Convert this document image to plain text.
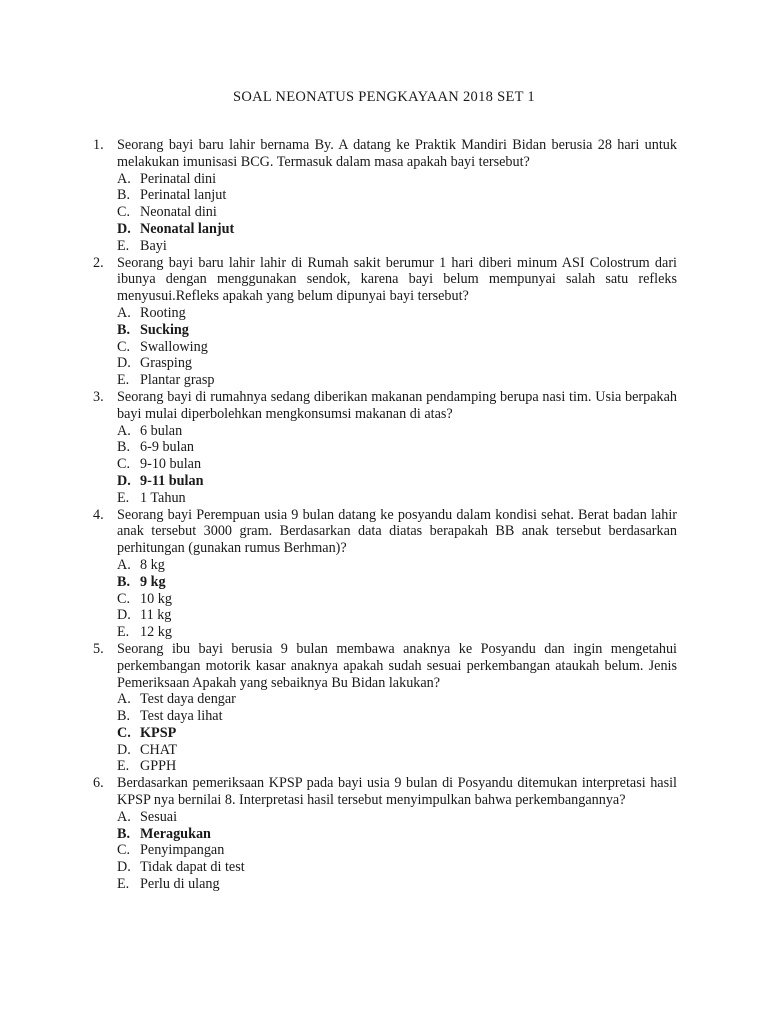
SOAL NEONATUS PENGKAYAAN 2018 SET 1
1. Seorang bayi baru lahir bernama By. A datang ke Praktik Mandiri Bidan berusia 28 hari untuk melakukan imunisasi BCG. Termasuk dalam masa apakah bayi tersebut?

A. Perinatal dini
B. Perinatal lanjut
C. Neonatal dini
D. Neonatal lanjut
E. Bayi
2. Seorang bayi baru lahir lahir di Rumah sakit berumur 1 hari diberi minum ASI Colostrum dari ibunya dengan menggunakan sendok, karena bayi belum mempunyai salah satu refleks menyusui.Refleks apakah yang belum dipunyai bayi tersebut?

A. Rooting
B. Sucking
C. Swallowing
D. Grasping
E. Plantar grasp
3. Seorang bayi di rumahnya sedang diberikan makanan pendamping berupa nasi tim. Usia berpakah bayi mulai diperbolehkan mengkonsumsi makanan di atas?

A. 6 bulan
B. 6-9 bulan
C. 9-10 bulan
D. 9-11 bulan
E. 1 Tahun
4. Seorang bayi Perempuan usia 9 bulan datang ke posyandu dalam kondisi sehat. Berat badan lahir anak tersebut 3000 gram. Berdasarkan data diatas berapakah BB anak tersebut berdasarkan perhitungan (gunakan rumus Berhman)?

A. 8 kg
B. 9 kg
C. 10 kg
D. 11 kg
E. 12 kg
5. Seorang ibu bayi berusia 9 bulan membawa anaknya ke Posyandu dan ingin mengetahui perkembangan motorik kasar anaknya apakah sudah sesuai perkembangan ataukah belum. Jenis Pemeriksaan Apakah yang sebaiknya Bu Bidan lakukan?

A. Test daya dengar
B. Test daya lihat
C. KPSP
D. CHAT
E. GPPH
6. Berdasarkan pemeriksaan KPSP pada bayi usia 9 bulan di Posyandu ditemukan interpretasi hasil KPSP nya bernilai 8. Interpretasi hasil tersebut menyimpulkan bahwa perkembangannya?

A. Sesuai
B. Meragukan
C. Penyimpangan
D. Tidak dapat di test
E. Perlu di ulang
